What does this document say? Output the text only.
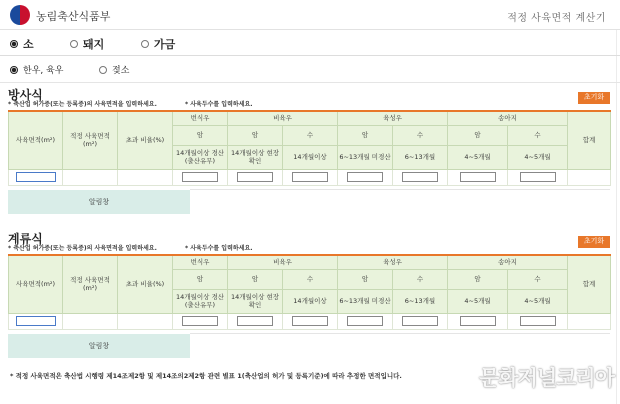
농림축산식품부	적정 사육면적 계산기
소	돼지	가금
한우, 육우	젖소
방사식
* 축산업 허가증(또는 등록증)의 사육면적을 입력하세요.	* 사육두수를 입력하세요.
초기화
사육면적(m²)	적정 사육면적 (m²)	초과 비율(%)	번식우	비육우		육성우		송아지		합계
			암	암	수	암	수	암	수	
			14개월이상 경산(출산유무)	14개월이상 현장확인	14개월이상	6~13개월 미경산	6~13개월	4~5개월	4~5개월	

알림창
계류식
* 축산업 허가증(또는 등록증)의 사육면적을 입력하세요.	* 사육두수를 입력하세요.
초기화
사육면적(m²)	적정 사육면적 (m²)	초과 비율(%)	번식우	비육우		육성우		송아지		합계
			암	암	수	암	수	암	수	
			14개월이상 경산(출산유무)	14개월이상 현장확인	14개월이상	6~13개월 미경산	6~13개월	4~5개월	4~5개월	

알림창
* 적정 사육면적은 축산법 시행령 제14조제2항 및 제14조의2제2항 관련 별표 1(축산업의 허가 및 등록기준)에 따라 추정한 면적입니다.	문화저널코리아
